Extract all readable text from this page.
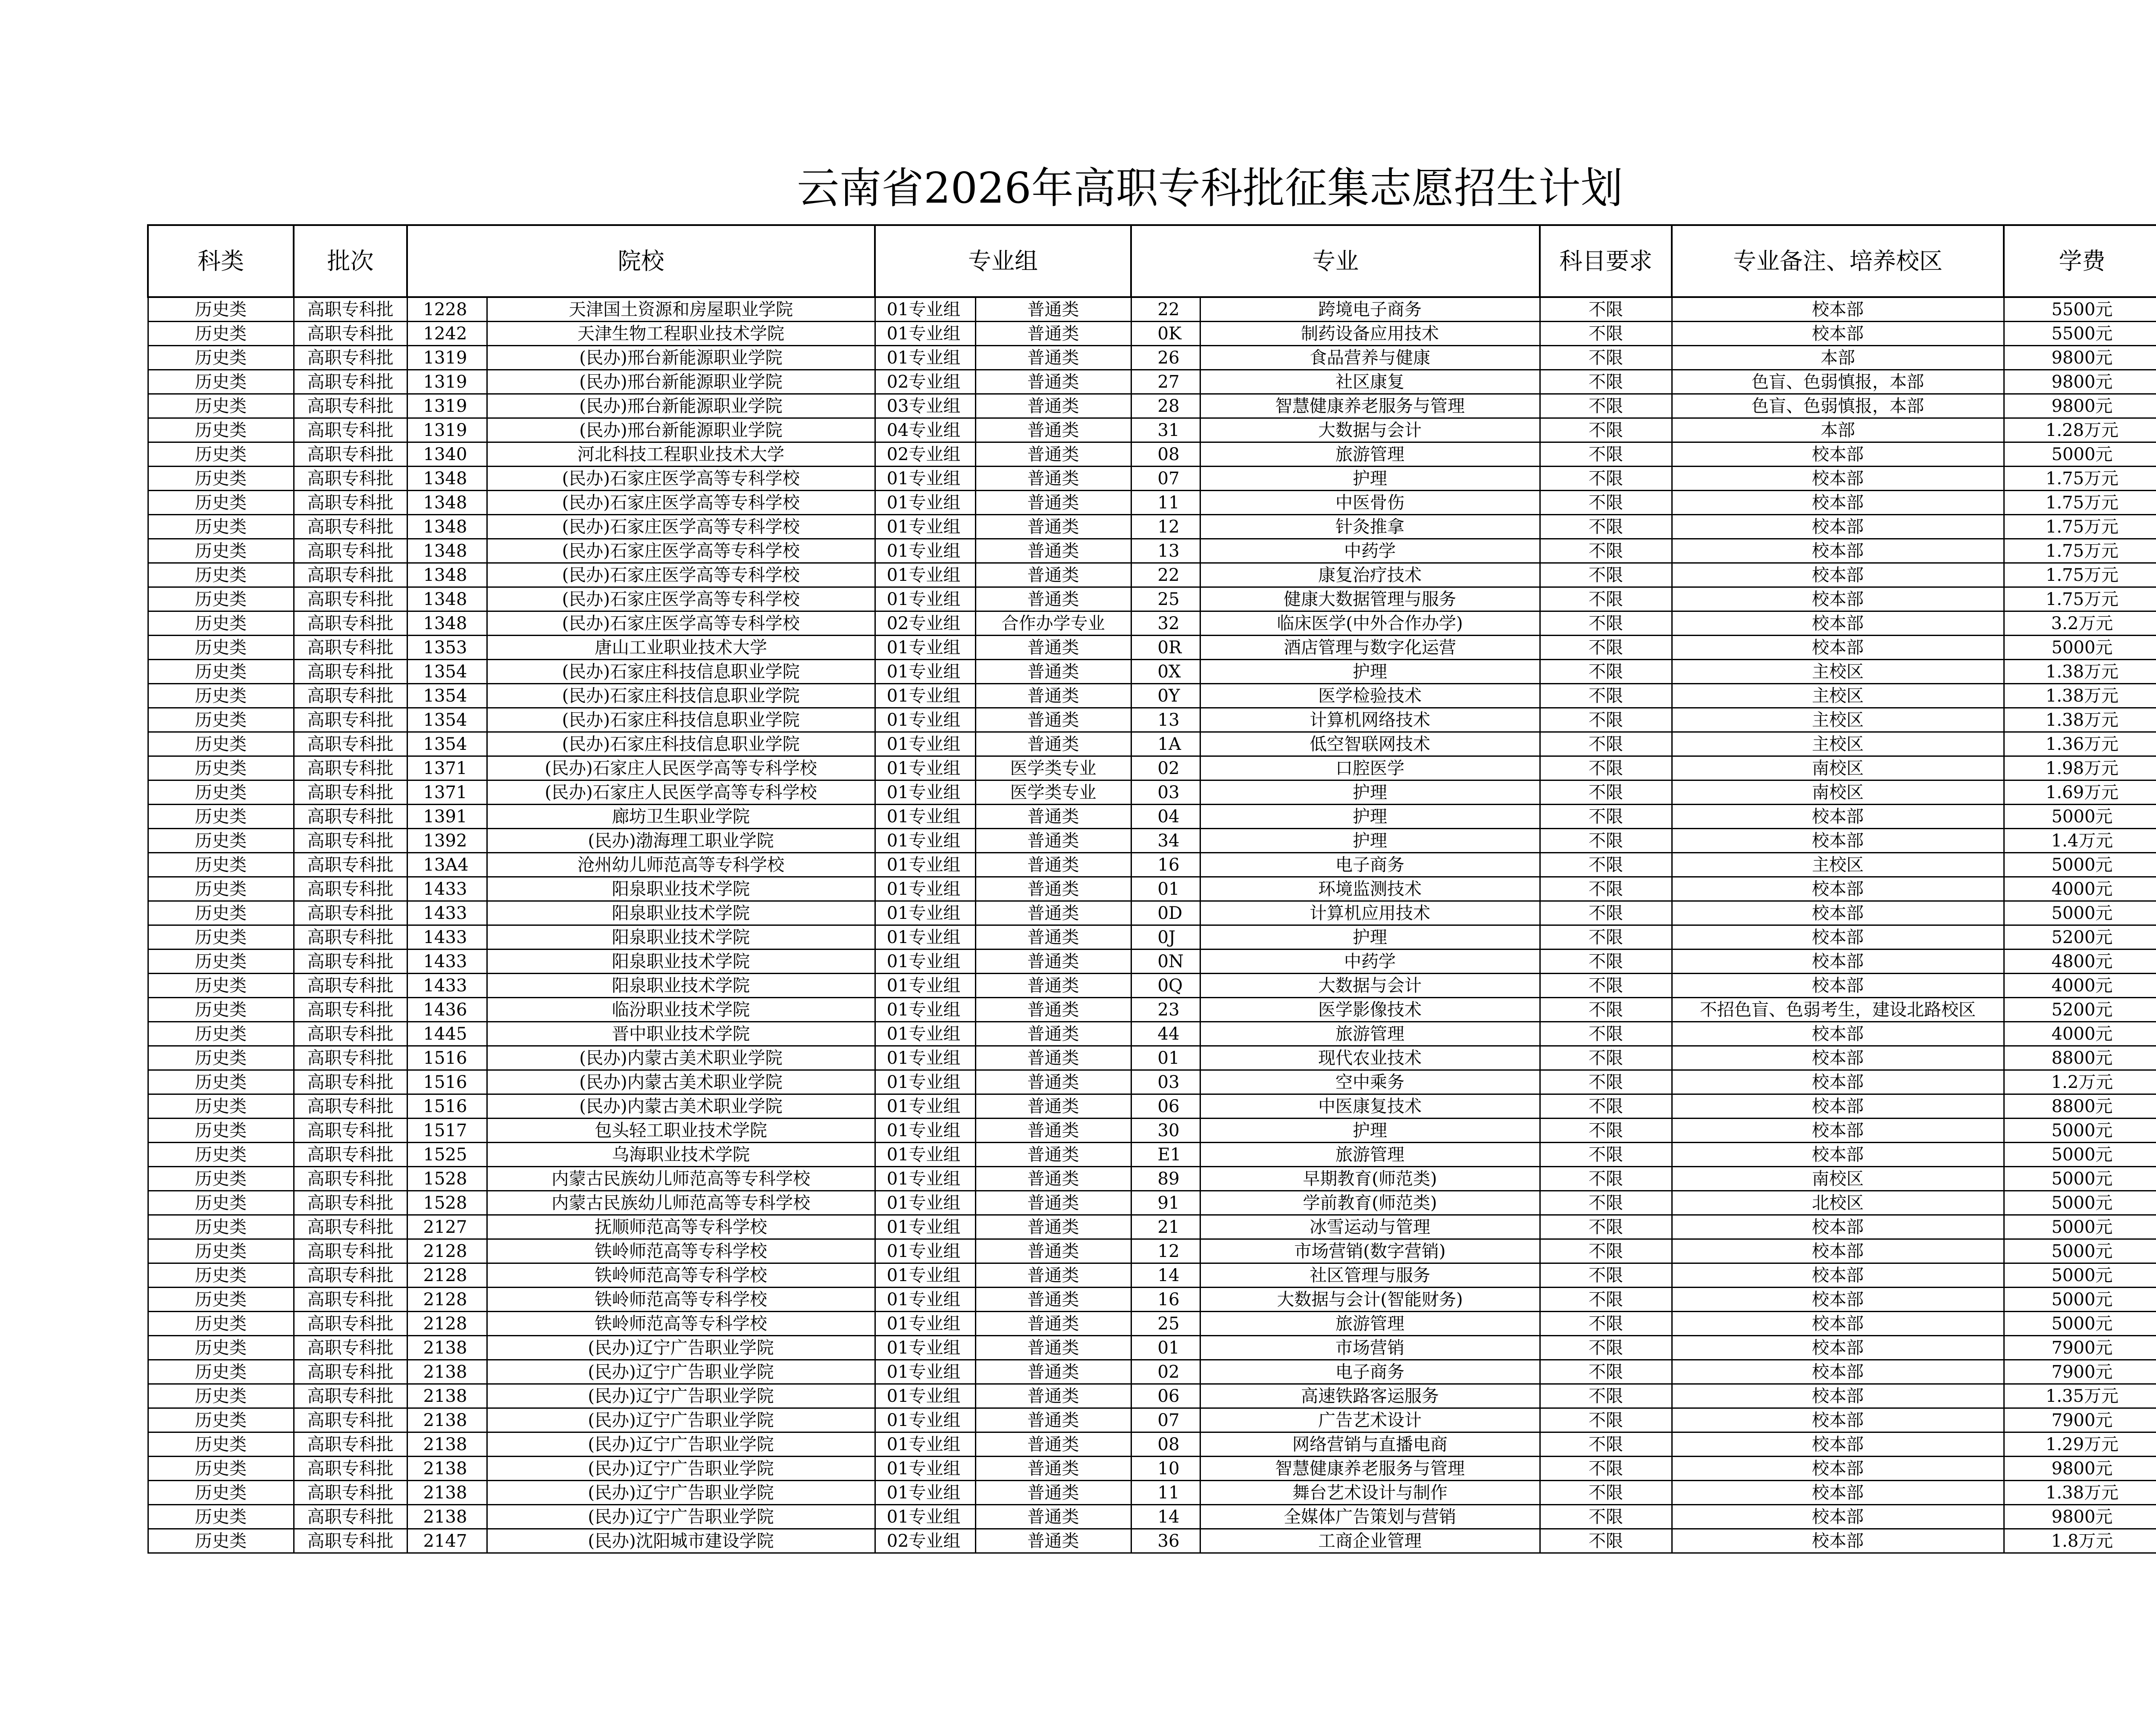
云南省2026年高职专科批征集志愿招生计划
科类	批次	院校		专业组		专业		科目要求	专业备注、培养校区	学费	
历史类	高职专科批	1228	天津国土资源和房屋职业学院	01专业组	普通类	22	跨境电子商务	不限	校本部	5500元	
历史类	高职专科批	1242	天津生物工程职业技术学院	01专业组	普通类	0K	制药设备应用技术	不限	校本部	5500元	
历史类	高职专科批	1319	(民办)邢台新能源职业学院	01专业组	普通类	26	食品营养与健康	不限	本部	9800元	
历史类	高职专科批	1319	(民办)邢台新能源职业学院	02专业组	普通类	27	社区康复	不限	色盲、色弱慎报，本部	9800元	
历史类	高职专科批	1319	(民办)邢台新能源职业学院	03专业组	普通类	28	智慧健康养老服务与管理	不限	色盲、色弱慎报，本部	9800元	
历史类	高职专科批	1319	(民办)邢台新能源职业学院	04专业组	普通类	31	大数据与会计	不限	本部	1.28万元	
历史类	高职专科批	1340	河北科技工程职业技术大学	02专业组	普通类	08	旅游管理	不限	校本部	5000元	
历史类	高职专科批	1348	(民办)石家庄医学高等专科学校	01专业组	普通类	07	护理	不限	校本部	1.75万元	
历史类	高职专科批	1348	(民办)石家庄医学高等专科学校	01专业组	普通类	11	中医骨伤	不限	校本部	1.75万元	
历史类	高职专科批	1348	(民办)石家庄医学高等专科学校	01专业组	普通类	12	针灸推拿	不限	校本部	1.75万元	
历史类	高职专科批	1348	(民办)石家庄医学高等专科学校	01专业组	普通类	13	中药学	不限	校本部	1.75万元	
历史类	高职专科批	1348	(民办)石家庄医学高等专科学校	01专业组	普通类	22	康复治疗技术	不限	校本部	1.75万元	
历史类	高职专科批	1348	(民办)石家庄医学高等专科学校	01专业组	普通类	25	健康大数据管理与服务	不限	校本部	1.75万元	
历史类	高职专科批	1348	(民办)石家庄医学高等专科学校	02专业组	合作办学专业	32	临床医学(中外合作办学)	不限	校本部	3.2万元	
历史类	高职专科批	1353	唐山工业职业技术大学	01专业组	普通类	0R	酒店管理与数字化运营	不限	校本部	5000元	
历史类	高职专科批	1354	(民办)石家庄科技信息职业学院	01专业组	普通类	0X	护理	不限	主校区	1.38万元	
历史类	高职专科批	1354	(民办)石家庄科技信息职业学院	01专业组	普通类	0Y	医学检验技术	不限	主校区	1.38万元	
历史类	高职专科批	1354	(民办)石家庄科技信息职业学院	01专业组	普通类	13	计算机网络技术	不限	主校区	1.38万元	
历史类	高职专科批	1354	(民办)石家庄科技信息职业学院	01专业组	普通类	1A	低空智联网技术	不限	主校区	1.36万元	
历史类	高职专科批	1371	(民办)石家庄人民医学高等专科学校	01专业组	医学类专业	02	口腔医学	不限	南校区	1.98万元	
历史类	高职专科批	1371	(民办)石家庄人民医学高等专科学校	01专业组	医学类专业	03	护理	不限	南校区	1.69万元	
历史类	高职专科批	1391	廊坊卫生职业学院	01专业组	普通类	04	护理	不限	校本部	5000元	
历史类	高职专科批	1392	(民办)渤海理工职业学院	01专业组	普通类	34	护理	不限	校本部	1.4万元	
历史类	高职专科批	13A4	沧州幼儿师范高等专科学校	01专业组	普通类	16	电子商务	不限	主校区	5000元	
历史类	高职专科批	1433	阳泉职业技术学院	01专业组	普通类	01	环境监测技术	不限	校本部	4000元	
历史类	高职专科批	1433	阳泉职业技术学院	01专业组	普通类	0D	计算机应用技术	不限	校本部	5000元	
历史类	高职专科批	1433	阳泉职业技术学院	01专业组	普通类	0J	护理	不限	校本部	5200元	
历史类	高职专科批	1433	阳泉职业技术学院	01专业组	普通类	0N	中药学	不限	校本部	4800元	
历史类	高职专科批	1433	阳泉职业技术学院	01专业组	普通类	0Q	大数据与会计	不限	校本部	4000元	
历史类	高职专科批	1436	临汾职业技术学院	01专业组	普通类	23	医学影像技术	不限	不招色盲、色弱考生，建设北路校区	5200元	
历史类	高职专科批	1445	晋中职业技术学院	01专业组	普通类	44	旅游管理	不限	校本部	4000元	
历史类	高职专科批	1516	(民办)内蒙古美术职业学院	01专业组	普通类	01	现代农业技术	不限	校本部	8800元	
历史类	高职专科批	1516	(民办)内蒙古美术职业学院	01专业组	普通类	03	空中乘务	不限	校本部	1.2万元	
历史类	高职专科批	1516	(民办)内蒙古美术职业学院	01专业组	普通类	06	中医康复技术	不限	校本部	8800元	
历史类	高职专科批	1517	包头轻工职业技术学院	01专业组	普通类	30	护理	不限	校本部	5000元	
历史类	高职专科批	1525	乌海职业技术学院	01专业组	普通类	E1	旅游管理	不限	校本部	5000元	
历史类	高职专科批	1528	内蒙古民族幼儿师范高等专科学校	01专业组	普通类	89	早期教育(师范类)	不限	南校区	5000元	
历史类	高职专科批	1528	内蒙古民族幼儿师范高等专科学校	01专业组	普通类	91	学前教育(师范类)	不限	北校区	5000元	
历史类	高职专科批	2127	抚顺师范高等专科学校	01专业组	普通类	21	冰雪运动与管理	不限	校本部	5000元	
历史类	高职专科批	2128	铁岭师范高等专科学校	01专业组	普通类	12	市场营销(数字营销)	不限	校本部	5000元	
历史类	高职专科批	2128	铁岭师范高等专科学校	01专业组	普通类	14	社区管理与服务	不限	校本部	5000元	
历史类	高职专科批	2128	铁岭师范高等专科学校	01专业组	普通类	16	大数据与会计(智能财务)	不限	校本部	5000元	
历史类	高职专科批	2128	铁岭师范高等专科学校	01专业组	普通类	25	旅游管理	不限	校本部	5000元	
历史类	高职专科批	2138	(民办)辽宁广告职业学院	01专业组	普通类	01	市场营销	不限	校本部	7900元	
历史类	高职专科批	2138	(民办)辽宁广告职业学院	01专业组	普通类	02	电子商务	不限	校本部	7900元	
历史类	高职专科批	2138	(民办)辽宁广告职业学院	01专业组	普通类	06	高速铁路客运服务	不限	校本部	1.35万元	
历史类	高职专科批	2138	(民办)辽宁广告职业学院	01专业组	普通类	07	广告艺术设计	不限	校本部	7900元	
历史类	高职专科批	2138	(民办)辽宁广告职业学院	01专业组	普通类	08	网络营销与直播电商	不限	校本部	1.29万元	
历史类	高职专科批	2138	(民办)辽宁广告职业学院	01专业组	普通类	10	智慧健康养老服务与管理	不限	校本部	9800元	
历史类	高职专科批	2138	(民办)辽宁广告职业学院	01专业组	普通类	11	舞台艺术设计与制作	不限	校本部	1.38万元	
历史类	高职专科批	2138	(民办)辽宁广告职业学院	01专业组	普通类	14	全媒体广告策划与营销	不限	校本部	9800元	
历史类	高职专科批	2147	(民办)沈阳城市建设学院	02专业组	普通类	36	工商企业管理	不限	校本部	1.8万元	
